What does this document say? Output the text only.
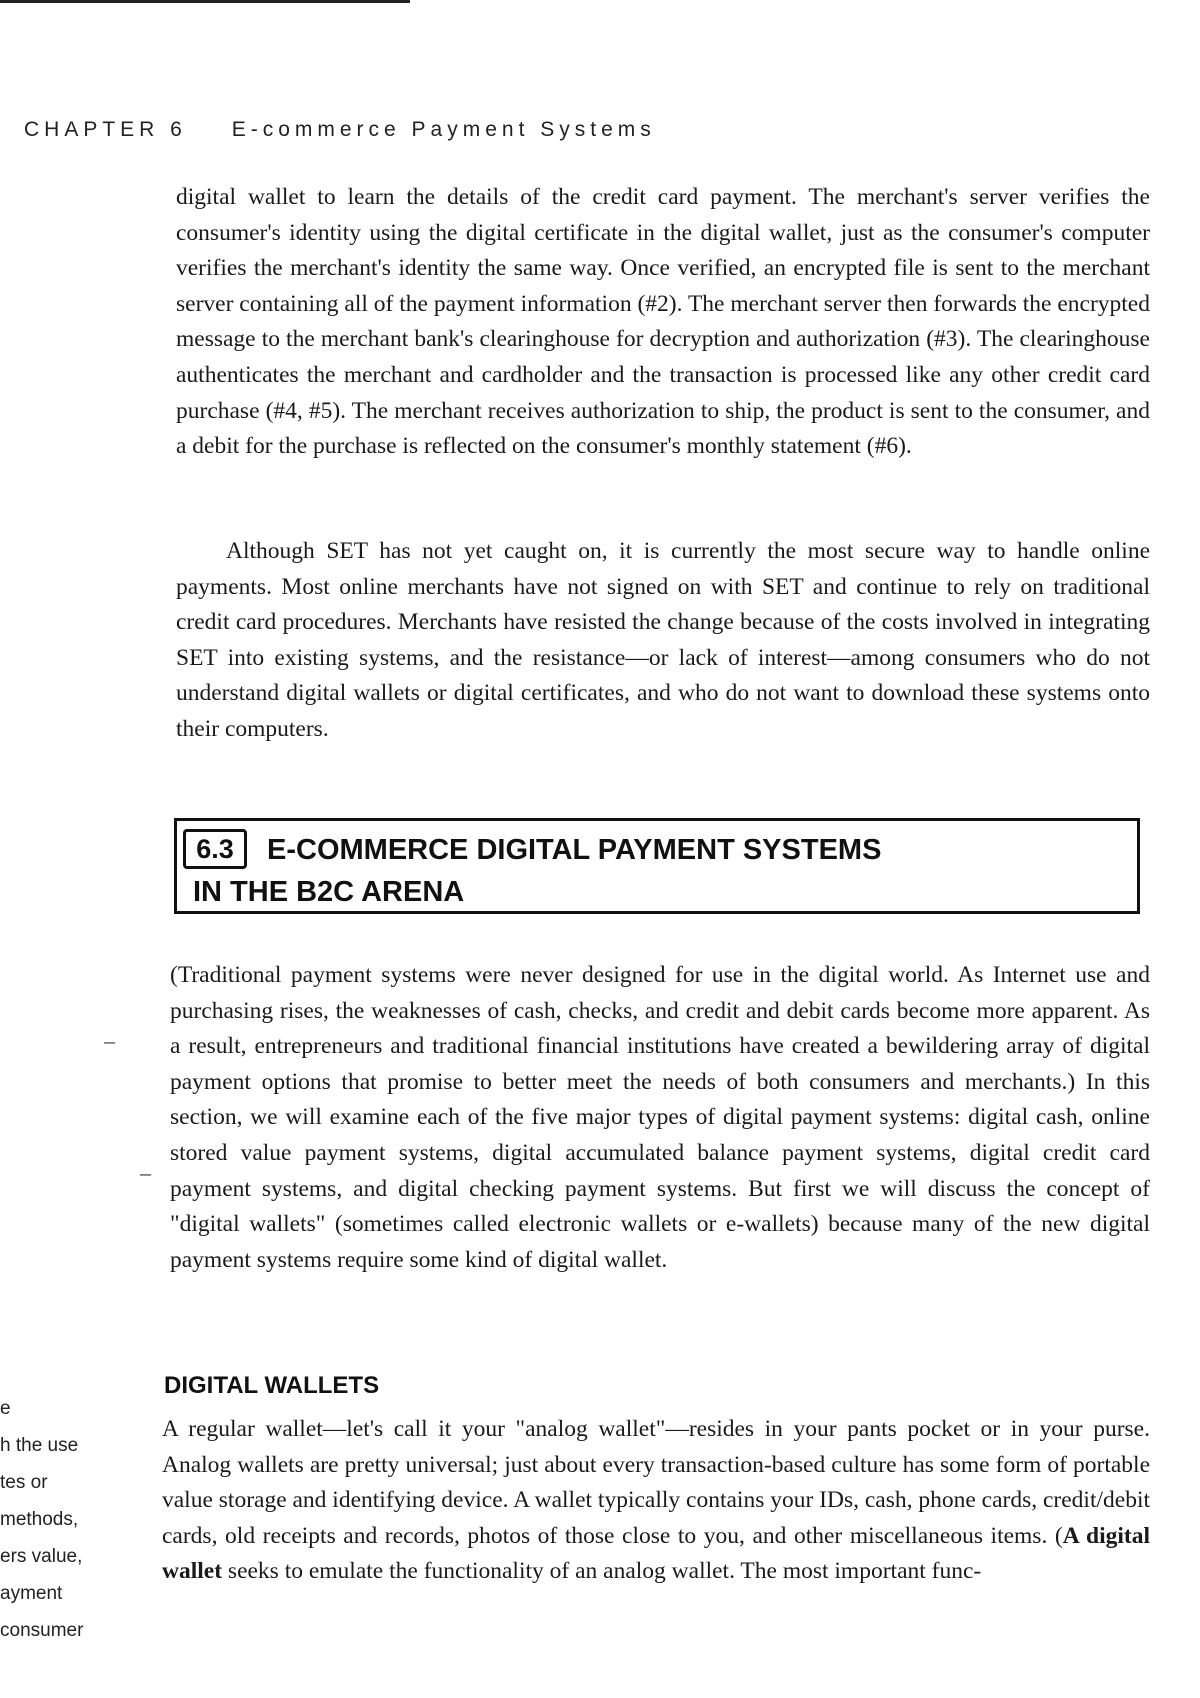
CHAPTER 6 E-commerce Payment Systems

digital wallet to learn the details of the credit card payment. The merchant's server verifies the consumer's identity using the digital certificate in the digital wallet, just as the consumer's computer verifies the merchant's identity the same way. Once verified, an encrypted file is sent to the merchant server containing all of the payment information (#2). The merchant server then forwards the encrypted message to the merchant bank's clearinghouse for decryption and authorization (#3). The clearinghouse authenticates the merchant and cardholder and the transaction is processed like any other credit card purchase (#4, #5). The merchant receives authorization to ship, the product is sent to the consumer, and a debit for the purchase is reflected on the consumer's monthly statement (#6).

Although SET has not yet caught on, it is currently the most secure way to handle online payments. Most online merchants have not signed on with SET and continue to rely on traditional credit card procedures. Merchants have resisted the change because of the costs involved in integrating SET into existing systems, and the resistance—or lack of interest—among consumers who do not understand digital wallets or digital certificates, and who do not want to download these systems onto their computers.

6.3	E-COMMERCE DIGITAL PAYMENT SYSTEMS
IN THE B2C ARENA
–
–

(Traditional payment systems were never designed for use in the digital world. As Internet use and purchasing rises, the weaknesses of cash, checks, and credit and debit cards become more apparent. As a result, entrepreneurs and traditional financial institutions have created a bewildering array of digital payment options that promise to better meet the needs of both consumers and merchants.) In this section, we will examine each of the five major types of digital payment systems: digital cash, online stored value payment systems, digital accumulated balance payment systems, digital credit card payment systems, and digital checking payment systems. But first we will discuss the concept of "digital wallets" (sometimes called electronic wallets or e-wallets) because many of the new digital payment systems require some kind of digital wallet.

e
h the use
tes or
methods,
ers value,
ayment
consumer
DIGITAL WALLETS

A regular wallet—let's call it your "analog wallet"—resides in your pants pocket or in your purse. Analog wallets are pretty universal; just about every transaction-based culture has some form of portable value storage and identifying device. A wallet typically contains your IDs, cash, phone cards, credit/debit cards, old receipts and records, photos of those close to you, and other miscellaneous items. (A digital wallet seeks to emulate the functionality of an analog wallet. The most important func-
